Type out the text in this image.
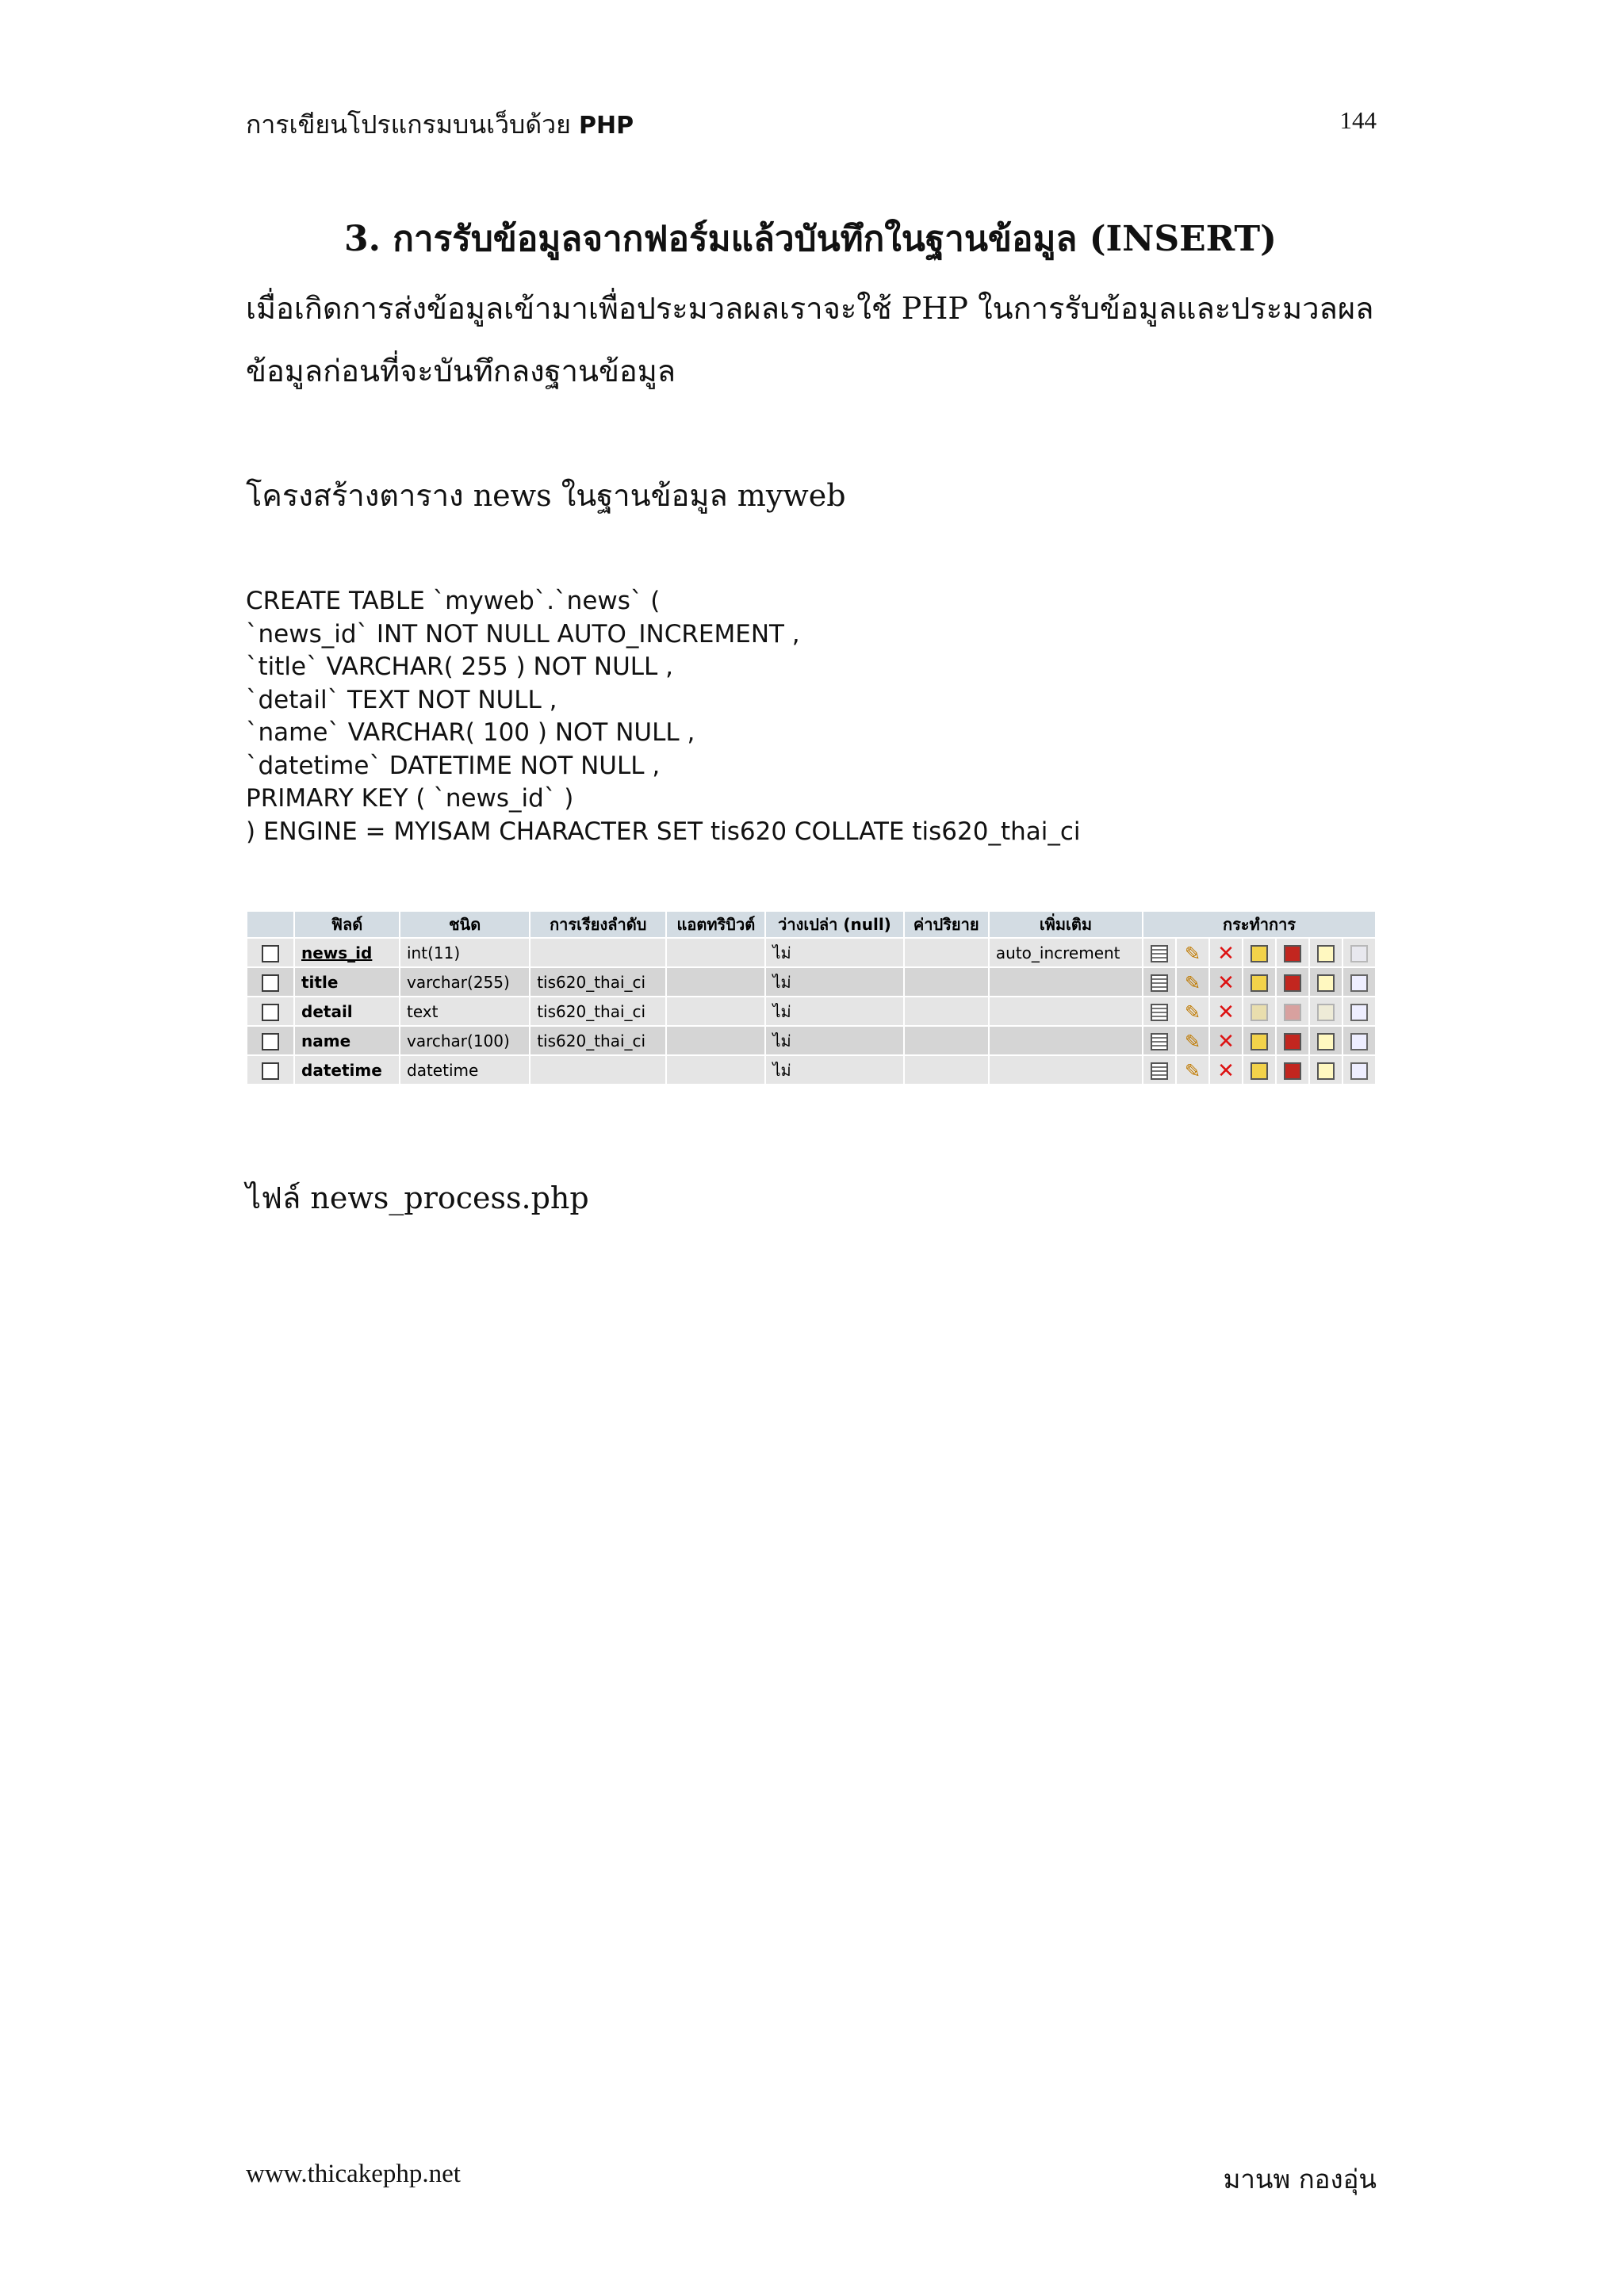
การเขียนโปรแกรมบนเว็บด้วย PHP	144
3. การรับข้อมูลจากฟอร์มแล้วบันทึกในฐานข้อมูล (INSERT)
เมื่อเกิดการส่งข้อมูลเข้ามาเพื่อประมวลผลเราจะใช้ PHP ในการรับข้อมูลและประมวลผล
ข้อมูลก่อนที่จะบันทึกลงฐานข้อมูล
โครงสร้างตาราง news ในฐานข้อมูล myweb
CREATE TABLE `myweb`.`news` (
`news_id` INT NOT NULL AUTO_INCREMENT ,
`title` VARCHAR( 255 ) NOT NULL ,
`detail` TEXT NOT NULL ,
`name` VARCHAR( 100 ) NOT NULL ,
`datetime` DATETIME NOT NULL ,
PRIMARY KEY ( `news_id` )
) ENGINE = MYISAM CHARACTER SET tis620 COLLATE tis620_thai_ci
	ฟิลด์	ชนิด	การเรียงลำดับ	แอตทริบิวต์	ว่างเปล่า (null)	ค่าปริยาย	เพิ่มเติม	กระทำการ						
	news_id	int(11)			ไม่		auto_increment		✎	✕				
	title	varchar(255)	tis620_thai_ci		ไม่				✎	✕				
	detail	text	tis620_thai_ci		ไม่				✎	✕				
	name	varchar(100)	tis620_thai_ci		ไม่				✎	✕				
	datetime	datetime			ไม่				✎	✕				
ไฟล์ news_process.php
www.thicakephp.net	มานพ กองอุ่น
